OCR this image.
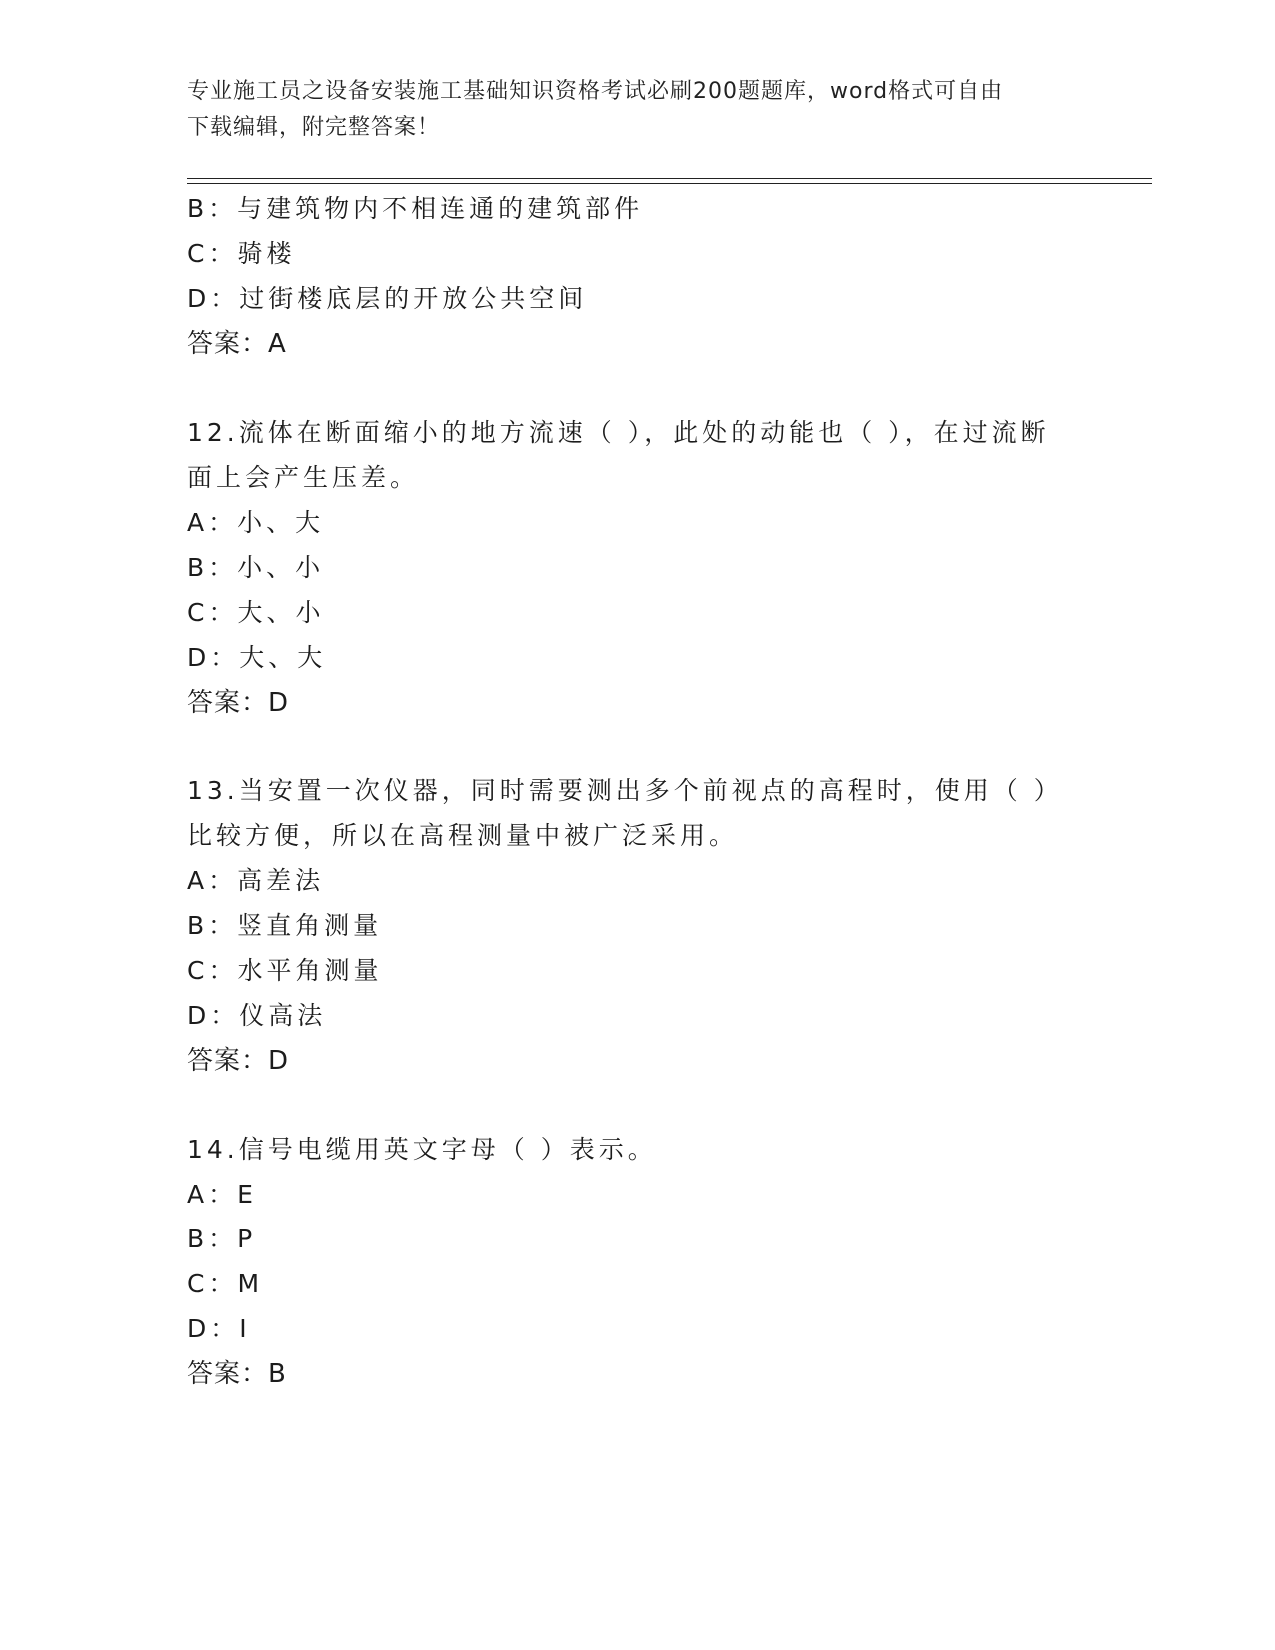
专业施工员之设备安装施工基础知识资格考试必刷200题题库，word格式可自由
下载编辑，附完整答案！
B：与建筑物内不相连通的建筑部件
C：骑楼
D：过街楼底层的开放公共空间
答案：A
12.流体在断面缩小的地方流速（ ），此处的动能也（ ），在过流断
面上会产生压差。
A：小、大
B：小、小
C：大、小
D：大、大
答案：D
13.当安置一次仪器，同时需要测出多个前视点的高程时，使用（ ）
比较方便，所以在高程测量中被广泛采用。
A：高差法
B：竖直角测量
C：水平角测量
D：仪高法
答案：D
14.信号电缆用英文字母（ ）表示。
A：E
B：P
C：M
D：I
答案：B
